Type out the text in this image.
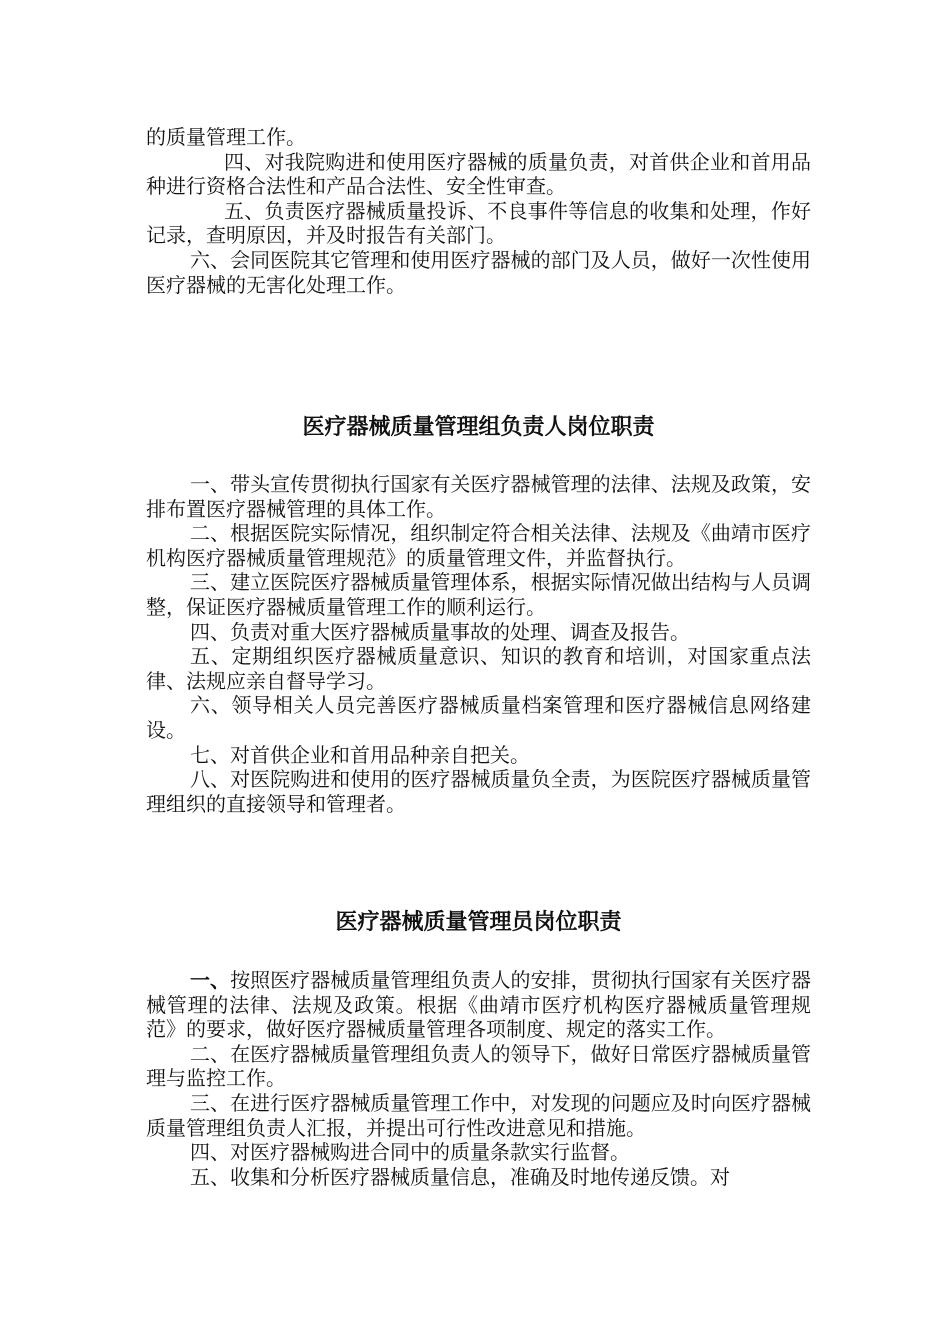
的质量管理工作。

四、对我院购进和使用医疗器械的质量负责，对首供企业和首用品种进行资格合法性和产品合法性、安全性审查。

五、负责医疗器械质量投诉、不良事件等信息的收集和处理，作好记录，查明原因，并及时报告有关部门。

六、会同医院其它管理和使用医疗器械的部门及人员，做好一次性使用医疗器械的无害化处理工作。

医疗器械质量管理组负责人岗位职责

一、带头宣传贯彻执行国家有关医疗器械管理的法律、法规及政策，安排布置医疗器械管理的具体工作。

二、根据医院实际情况，组织制定符合相关法律、法规及《曲靖市医疗机构医疗器械质量管理规范》的质量管理文件，并监督执行。

三、建立医院医疗器械质量管理体系，根据实际情况做出结构与人员调整，保证医疗器械质量管理工作的顺利运行。

四、负责对重大医疗器械质量事故的处理、调查及报告。

五、定期组织医疗器械质量意识、知识的教育和培训，对国家重点法律、法规应亲自督导学习。

六、领导相关人员完善医疗器械质量档案管理和医疗器械信息网络建设。

七、对首供企业和首用品种亲自把关。

八、对医院购进和使用的医疗器械质量负全责，为医院医疗器械质量管理组织的直接领导和管理者。

医疗器械质量管理员岗位职责

一、按照医疗器械质量管理组负责人的安排，贯彻执行国家有关医疗器械管理的法律、法规及政策。根据《曲靖市医疗机构医疗器械质量管理规范》的要求，做好医疗器械质量管理各项制度、规定的落实工作。

二、在医疗器械质量管理组负责人的领导下，做好日常医疗器械质量管理与监控工作。

三、在进行医疗器械质量管理工作中，对发现的问题应及时向医疗器械质量管理组负责人汇报，并提出可行性改进意见和措施。

四、对医疗器械购进合同中的质量条款实行监督。

五、收集和分析医疗器械质量信息，准确及时地传递反馈。对
